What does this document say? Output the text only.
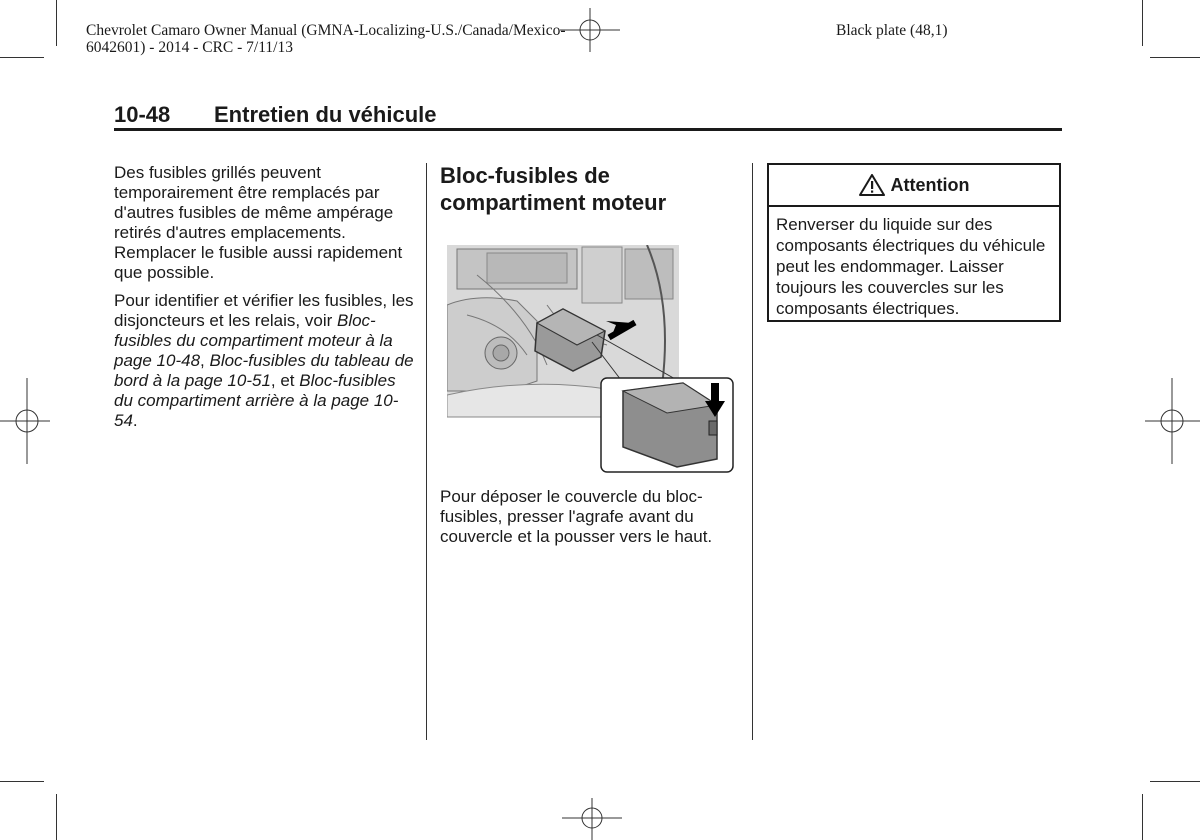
Chevrolet Camaro Owner Manual (GMNA-Localizing-U.S./Canada/Mexico-
6042601) - 2014 - CRC - 7/11/13
Black plate (48,1)
10-48 Entretien du véhicule

Des fusibles grillés peuvent temporairement être remplacés par d'autres fusibles de même ampérage retirés d'autres emplacements. Remplacer le fusible aussi rapidement que possible.

Pour identifier et vérifier les fusibles, les disjoncteurs et les relais, voir Bloc-fusibles du compartiment moteur à la page 10-48, Bloc-fusibles du tableau de bord à la page 10-51, et Bloc-fusibles du compartiment arrière à la page 10-54.

Bloc-fusibles de compartiment moteur
Pour déposer le couvercle du bloc-fusibles, presser l'agrafe avant du couvercle et la pousser vers le haut.
Attention
Renverser du liquide sur des composants électriques du véhicule peut les endommager. Laisser toujours les couvercles sur les composants électriques.
